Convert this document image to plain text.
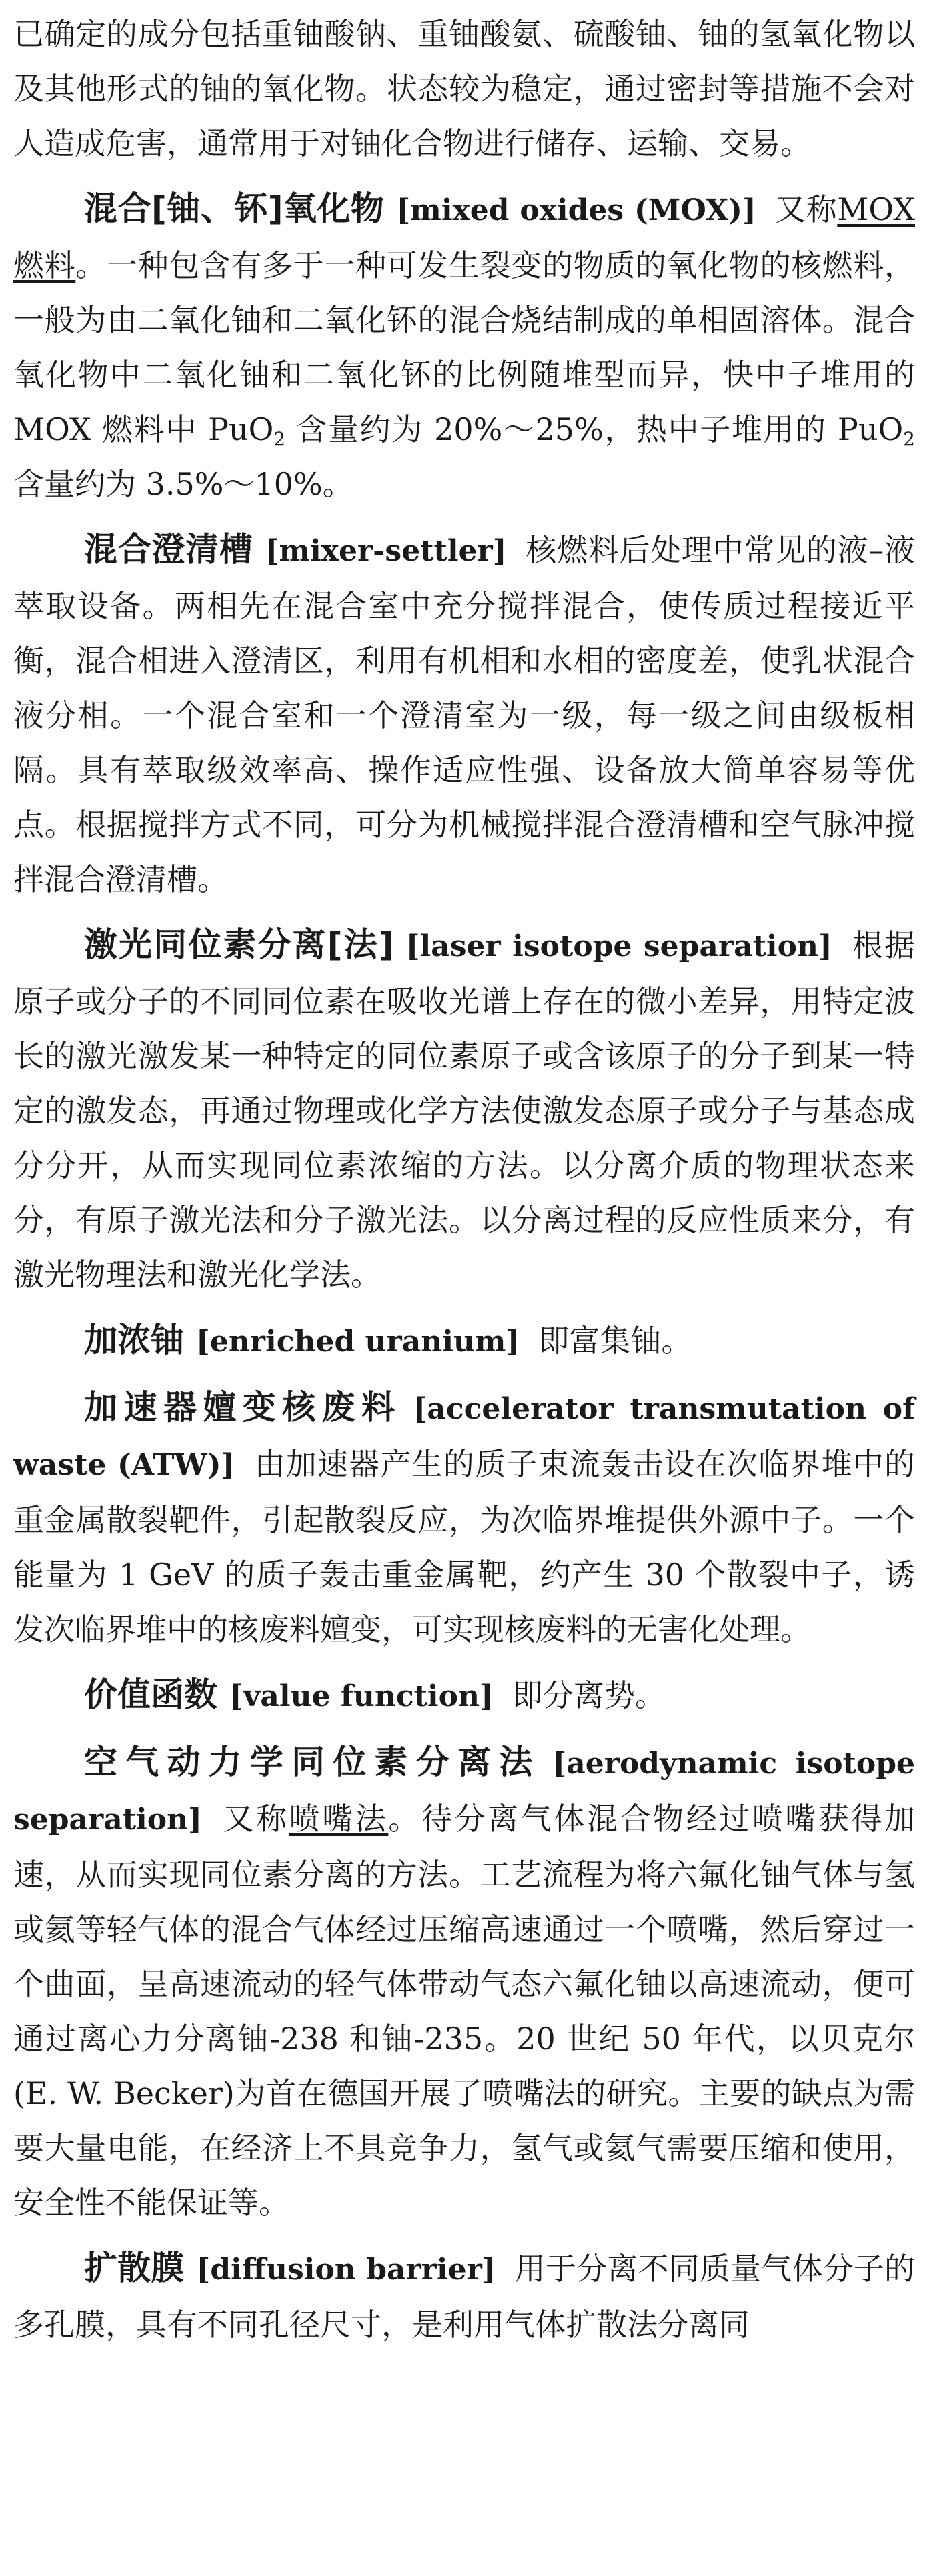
已确定的成分包括重铀酸钠、重铀酸氨、硫酸铀、铀的氢氧化物以及其他形式的铀的氧化物。状态较为稳定，通过密封等措施不会对人造成危害，通常用于对铀化合物进行储存、运输、交易。

混合[铀、钚]氧化物 [mixed oxides (MOX)] 又称MOX燃料。一种包含有多于一种可发生裂变的物质的氧化物的核燃料，一般为由二氧化铀和二氧化钚的混合烧结制成的单相固溶体。混合氧化物中二氧化铀和二氧化钚的比例随堆型而异，快中子堆用的 MOX 燃料中 PuO$_2$ 含量约为 20%～25%，热中子堆用的 PuO$_2$ 含量约为 3.5%～10%。

混合澄清槽 [mixer-settler] 核燃料后处理中常见的液–液萃取设备。两相先在混合室中充分搅拌混合，使传质过程接近平衡，混合相进入澄清区，利用有机相和水相的密度差，使乳状混合液分相。一个混合室和一个澄清室为一级，每一级之间由级板相隔。具有萃取级效率高、操作适应性强、设备放大简单容易等优点。根据搅拌方式不同，可分为机械搅拌混合澄清槽和空气脉冲搅拌混合澄清槽。

激光同位素分离[法] [laser isotope separation] 根据原子或分子的不同同位素在吸收光谱上存在的微小差异，用特定波长的激光激发某一种特定的同位素原子或含该原子的分子到某一特定的激发态，再通过物理或化学方法使激发态原子或分子与基态成分分开，从而实现同位素浓缩的方法。以分离介质的物理状态来分，有原子激光法和分子激光法。以分离过程的反应性质来分，有激光物理法和激光化学法。

加浓铀 [enriched uranium] 即富集铀。

加速器嬗变核废料 [accelerator transmutation of waste (ATW)] 由加速器产生的质子束流轰击设在次临界堆中的重金属散裂靶件，引起散裂反应，为次临界堆提供外源中子。一个能量为 1 GeV 的质子轰击重金属靶，约产生 30 个散裂中子，诱发次临界堆中的核废料嬗变，可实现核废料的无害化处理。

价值函数 [value function] 即分离势。

空气动力学同位素分离法 [aerodynamic isotope separation] 又称喷嘴法。待分离气体混合物经过喷嘴获得加速，从而实现同位素分离的方法。工艺流程为将六氟化铀气体与氢或氦等轻气体的混合气体经过压缩高速通过一个喷嘴，然后穿过一个曲面，呈高速流动的轻气体带动气态六氟化铀以高速流动，便可通过离心力分离铀-238 和铀-235。20 世纪 50 年代，以贝克尔(E. W. Becker)为首在德国开展了喷嘴法的研究。主要的缺点为需要大量电能，在经济上不具竞争力，氢气或氦气需要压缩和使用，安全性不能保证等。

扩散膜 [diffusion barrier] 用于分离不同质量气体分子的多孔膜，具有不同孔径尺寸，是利用气体扩散法分离同
